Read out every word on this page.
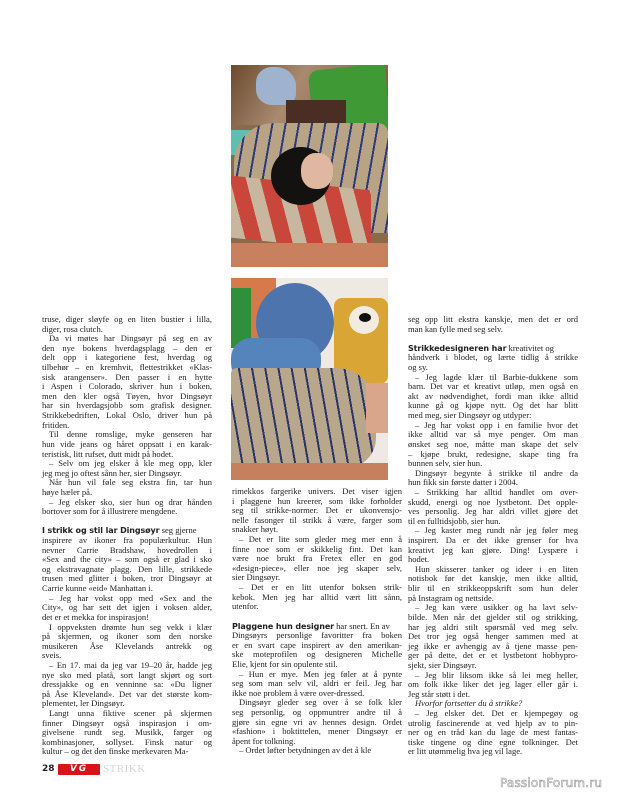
truse, diger sløyfe og en liten bustier i lilla,
diger, rosa clutch.
Da vi møtes har Dingsøyr på seg en av
den nye bokens hverdagsplagg – den er
delt opp i kategoriene fest, hverdag og
tilbehør – en kremhvit, flettestrikket «Klas-
sisk arangenser». Den passer i en hytte
i Aspen i Colorado, skriver hun i boken,
men den kler også Tøyen, hvor Dingsøyr
har sin hverdagsjobb som grafisk designer.
Strikkebedriften, Lokal Oslo, driver hun på
fritiden.
Til denne romslige, myke genseren har
hun vide jeans og håret oppsatt i en karak-
teristisk, litt rufset, dutt midt på hodet.
– Selv om jeg elsker å kle meg opp, kler
jeg meg jo oftest sånn her, sier Dingsøyr.
Når hun vil føle seg ekstra fin, tar hun
høye hæler på.
– Jeg elsker sko, sier hun og drar hånden
bortover som for å illustrere mengdene.
I strikk og stil lar Dingsøyr seg gjerne
inspirere av ikoner fra populærkultur. Hun
nevner Carrie Bradshaw, hovedrollen i
«Sex and the city» – som også er glad i sko
og ekstravagnate plagg. Den lille, strikkede
trusen med glitter i boken, tror Dingsøyr at
Carrie kunne «eid» Manhattan i.
– Jeg har vokst opp med «Sex and the
City», og har sett det igjen i voksen alder,
det er et mekka for inspirasjon!
I oppveksten drømte hun seg vekk i klær
på skjermen, og ikoner som den norske
musikeren Åse Klevelands antrekk og
sveis.
– En 17. mai da jeg var 19–20 år, hadde jeg
nye sko med platå, sort langt skjørt og sort
dressjakke og en venninne sa: «Du ligner
på Åse Kleveland». Det var det største kom-
plementet, ler Dingsøyr.
Langt unna fiktive scener på skjermen
finner Dingsøyr også inspirasjon i om-
givelsene rundt seg. Musikk, farger og
kombinasjoner, sollyset. Finsk natur og
kultur – og det den finske merkevaren Ma-
rimekkos fargerike univers. Det viser igjen
i plaggene hun kreerer, som ikke forholder
seg til strikke-normer. Det er ukonvensjo-
nelle fasonger til strikk å være, farger som
snakker høyt.
– Det er lite som gleder meg mer enn å
finne noe som er skikkelig fint. Det kan
være noe brukt fra Fretex eller en god
«design-piece», eller noe jeg skaper selv,
sier Dingsøyr.
– Det er en litt utenfor boksen strik-
kebok. Men jeg har alltid vært litt sånn,
utenfor.
Plaggene hun designer har snert. En av
Dingsøyrs personlige favoritter fra boken
er en svart cape inspirert av den amerikan-
ske moteprofilen og designeren Michelle
Elie, kjent for sin opulente stil.
– Hun er mye. Men jeg føler at å pynte
seg som man selv vil, aldri er feil. Jeg har
ikke noe problem å være over-dressed.
Dingsøyr gleder seg over å se folk kler
seg personlig, og oppmuntrer andre til å
gjøre sin egne vri av hennes design. Ordet
«fashion» i boktittelen, mener Dingsøyr er
åpent for tolkning.
– Ordet løfter betydningen av det å kle
seg opp litt ekstra kanskje, men det er ord
man kan fylle med seg selv.
Strikkedesigneren har kreativitet og
håndverk i blodet, og lærte tidlig å strikke
og sy.
– Jeg lagde klær til Barbie-dukkene som
barn. Det var et kreativt utløp, men også en
akt av nødvendighet, fordi man ikke alltid
kunne gå og kjøpe nytt. Og det har blitt
med meg, sier Dingsøyr og utdyper:
– Jeg har vokst opp i en familie hvor det
ikke alltid var så mye penger. Om man
ønsket seg noe, måtte man skape det selv
– kjøpe brukt, redesigne, skape ting fra
bunnen selv, sier hun.
Dingsøyr begynte å strikke til andre da
hun fikk sin første datter i 2004.
– Strikking har alltid handlet om over-
skudd, energi og noe lystbetont. Det opple-
ves personlig. Jeg har aldri villet gjøre det
til en fulltidsjobb, sier hun.
– Jeg kaster meg rundt når jeg føler meg
inspirert. Da er det ikke grenser for hva
kreativt jeg kan gjøre. Ding! Lyspære i
hodet.
Hun skisserer tanker og ideer i en liten
notisbok før det kanskje, men ikke alltid,
blir til en strikkeoppskrift som hun deler
på Instagram og nettside.
– Jeg kan være usikker og ha lavt selv-
bilde. Men når det gjelder stil og strikking,
har jeg aldri stilt spørsmål ved meg selv.
Det tror jeg også henger sammen med at
jeg ikke er avhengig av å tjene masse pen-
ger på dette, det er et lystbetont hobbypro-
sjekt, sier Dingsøyr.
– Jeg blir liksom ikke så lei meg heller,
om folk ikke liker det jeg lager eller går i.
Jeg står støtt i det.
Hvorfor fortsetter du å strikke?
– Jeg elsker det. Det er kjempegøy og
utrolig fascinerende at ved hjelp av to pin-
ner og en tråd kan du lage de mest fantas-
tiske tingene og dine egne tolkninger. Det
er litt utømmelig hva jeg vil lage.
28	VG	STRIKK
PassionForum.ru
